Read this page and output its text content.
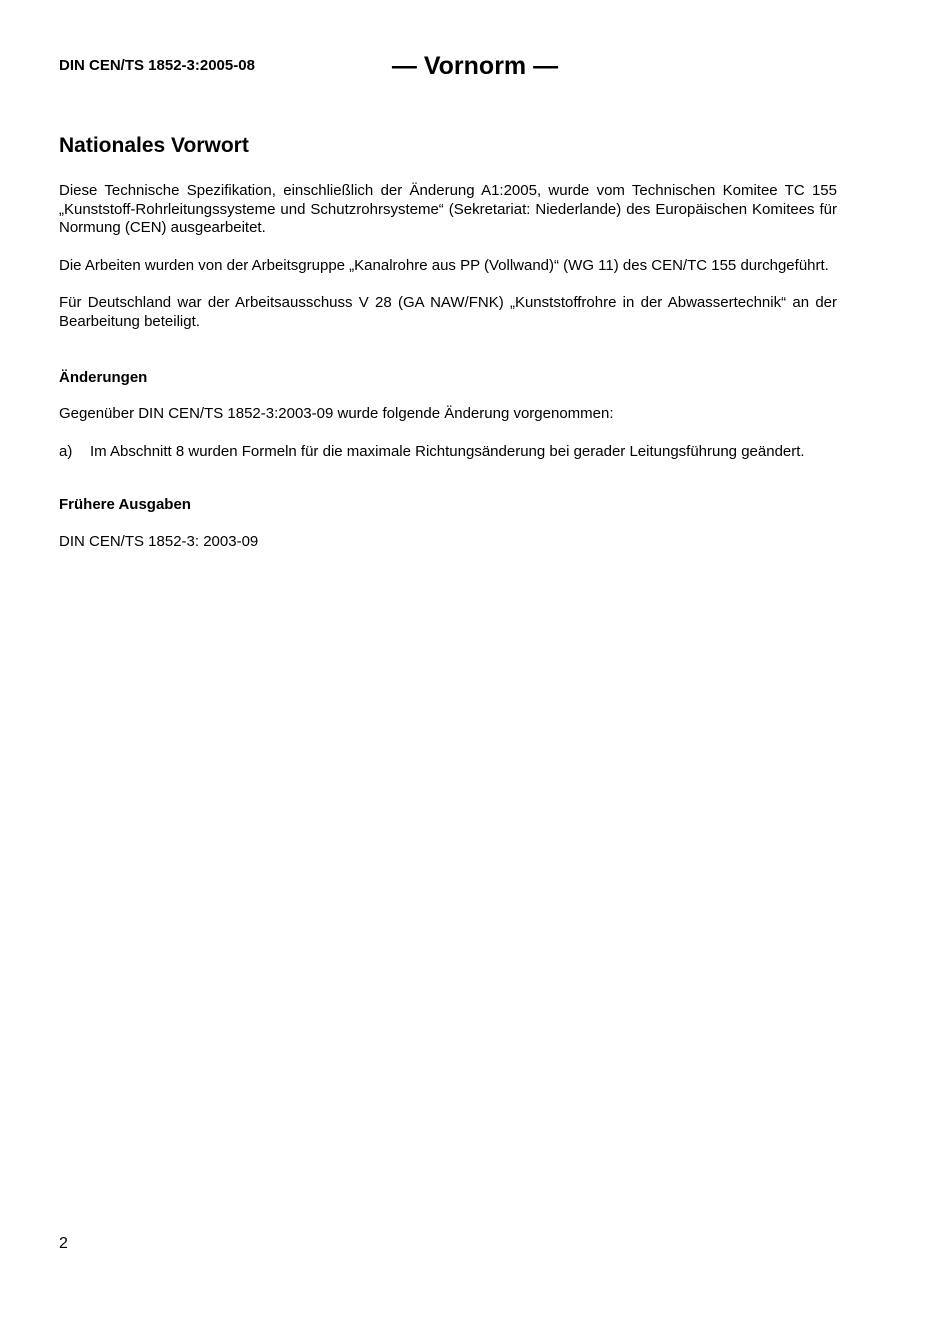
DIN CEN/TS 1852-3:2005-08	— Vornorm —
Nationales Vorwort

Diese Technische Spezifikation, einschließlich der Änderung A1:2005, wurde vom Technischen Komitee TC 155 „Kunststoff-Rohrleitungssysteme und Schutzrohrsysteme“ (Sekretariat: Niederlande) des Europäischen Komitees für Normung (CEN) ausgearbeitet.

Die Arbeiten wurden von der Arbeitsgruppe „Kanalrohre aus PP (Vollwand)“ (WG 11) des CEN/TC 155 durchgeführt.

Für Deutschland war der Arbeitsausschuss V 28 (GA NAW/FNK) „Kunststoffrohre in der Abwassertechnik“ an der Bearbeitung beteiligt.

Änderungen

Gegenüber DIN CEN/TS 1852-3:2003-09 wurde folgende Änderung vorgenommen:

a) Im Abschnitt 8 wurden Formeln für die maximale Richtungsänderung bei gerader Leitungsführung geändert.
Frühere Ausgaben

DIN CEN/TS 1852-3: 2003-09

2
